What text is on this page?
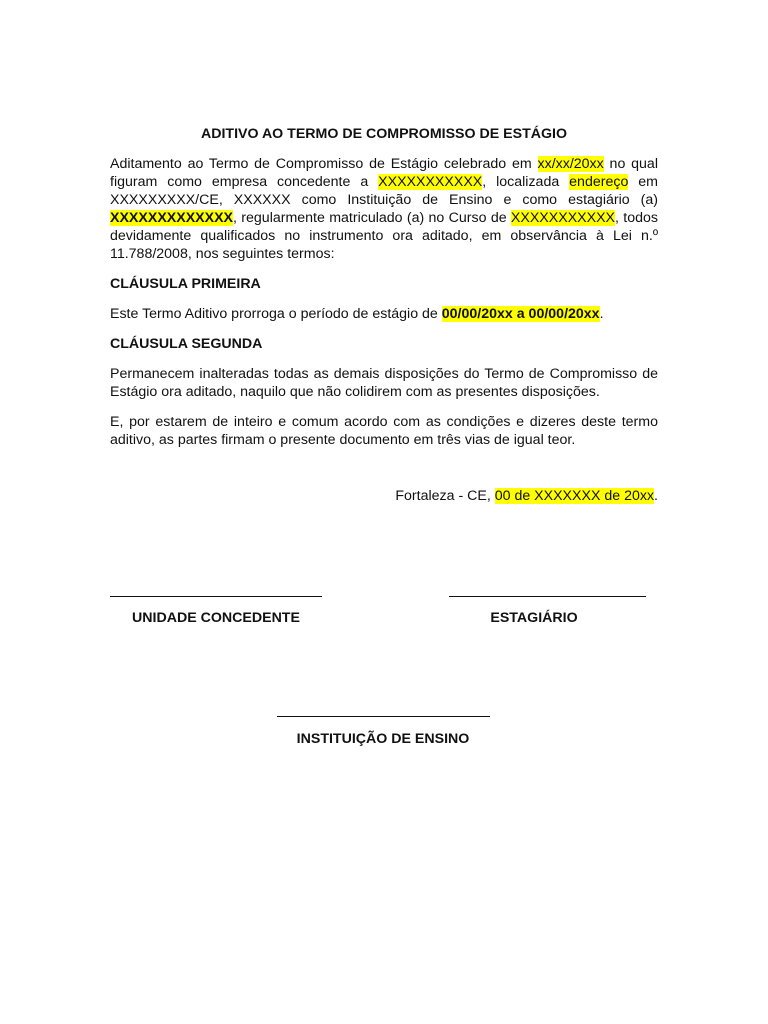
ADITIVO AO TERMO DE COMPROMISSO DE ESTÁGIO

Aditamento ao Termo de Compromisso de Estágio celebrado em xx/xx/20xx no qual figuram como empresa concedente a XXXXXXXXXXX, localizada endereço em XXXXXXXXX/CE, XXXXXX como Instituição de Ensino e como estagiário (a) XXXXXXXXXXXXX, regularmente matriculado (a) no Curso de XXXXXXXXXXX, todos devidamente qualificados no instrumento ora aditado, em observância à Lei n.º 11.788/2008, nos seguintes termos:

CLÁUSULA PRIMEIRA

Este Termo Aditivo prorroga o período de estágio de 00/00/20xx a 00/00/20xx.

CLÁUSULA SEGUNDA

Permanecem inalteradas todas as demais disposições do Termo de Compromisso de Estágio ora aditado, naquilo que não colidirem com as presentes disposições.

E, por estarem de inteiro e comum acordo com as condições e dizeres deste termo aditivo, as partes firmam o presente documento em três vias de igual teor.

Fortaleza - CE, 00 de XXXXXXX de 20xx.

UNIDADE CONCEDENTE	ESTAGIÁRIO
INSTITUIÇÃO DE ENSINO
